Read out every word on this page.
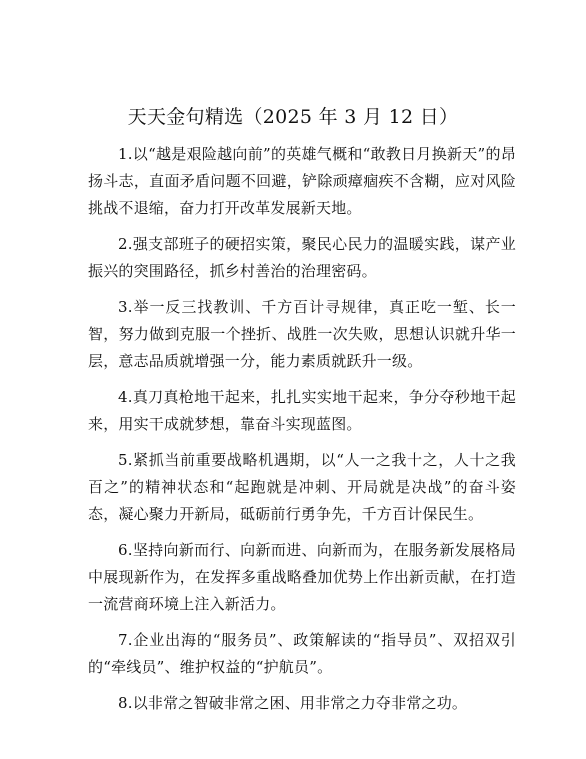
天天金句精选（2025 年 3 月 12 日）

1.以“越是艰险越向前”的英雄气概和“敢教日月换新天”的昂扬斗志，直面矛盾问题不回避，铲除顽瘴痼疾不含糊，应对风险挑战不退缩，奋力打开改革发展新天地。

2.强支部班子的硬招实策，聚民心民力的温暖实践，谋产业振兴的突围路径，抓乡村善治的治理密码。

3.举一反三找教训、千方百计寻规律，真正吃一堑、长一智，努力做到克服一个挫折、战胜一次失败，思想认识就升华一层，意志品质就增强一分，能力素质就跃升一级。

4.真刀真枪地干起来，扎扎实实地干起来，争分夺秒地干起来，用实干成就梦想，靠奋斗实现蓝图。

5.紧抓当前重要战略机遇期，以“人一之我十之，人十之我百之”的精神状态和“起跑就是冲刺、开局就是决战”的奋斗姿态，凝心聚力开新局，砥砺前行勇争先，千方百计保民生。

6.坚持向新而行、向新而进、向新而为，在服务新发展格局中展现新作为，在发挥多重战略叠加优势上作出新贡献，在打造一流营商环境上注入新活力。

7.企业出海的“服务员”、政策解读的“指导员”、双招双引的“牵线员”、维护权益的“护航员”。

8.以非常之智破非常之困、用非常之力夺非常之功。
